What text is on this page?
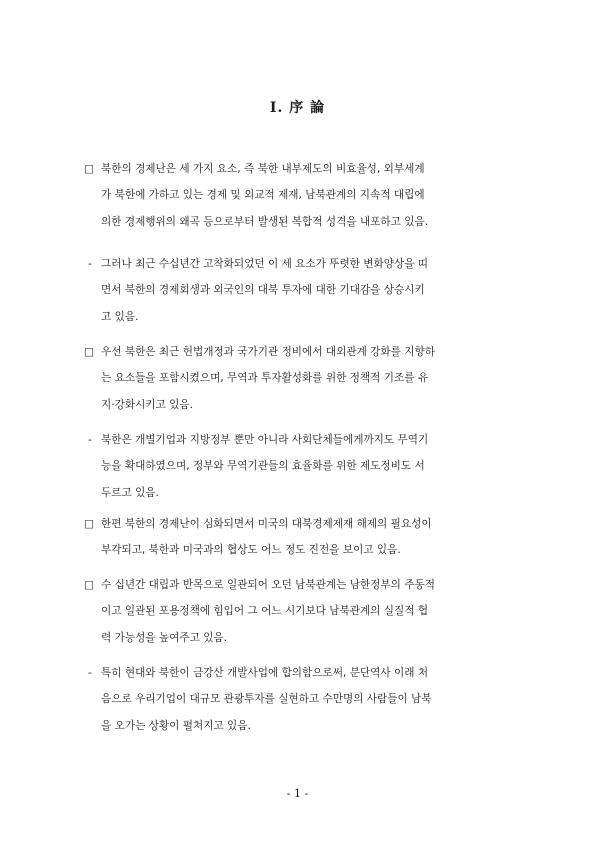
Ⅰ. 序 論
□ 북한의 경제난은 세 가지 요소, 즉 북한 내부제도의 비효율성, 외부세계
가 북한에 가하고 있는 경제 및 외교적 제재, 남북관계의 지속적 대립에
의한 경제행위의 왜곡 등으로부터 발생된 복합적 성격을 내포하고 있음.
- 그러나 최근 수십년간 고착화되었던 이 세 요소가 뚜렷한 변화양상을 띠
면서 북한의 경제회생과 외국인의 대북 투자에 대한 기대감을 상승시키
고 있음.
□ 우선 북한은 최근 헌법개정과 국가기관 정비에서 대외관계 강화를 지향하
는 요소들을 포함시켰으며, 무역과 투자활성화를 위한 정책적 기조를 유
지·강화시키고 있음.
- 북한은 개별기업과 지방정부 뿐만 아니라 사회단체들에게까지도 무역기
능을 확대하였으며, 정부와 무역기관들의 효율화를 위한 제도정비도 서
두르고 있음.
□ 한편 북한의 경제난이 심화되면서 미국의 대북경제제재 해제의 필요성이
부각되고, 북한과 미국과의 협상도 어느 정도 진전을 보이고 있음.
□ 수 십년간 대립과 반목으로 일관되어 오던 남북관계는 남한정부의 주동적
이고 일관된 포용정책에 힘입어 그 어느 시기보다 남북관계의 실질적 협
력 가능성을 높여주고 있음.
- 특히 현대와 북한이 금강산 개발사업에 합의함으로써, 분단역사 이래 처
음으로 우리기업이 대규모 관광투자를 실현하고 수만명의 사람들이 남북
을 오가는 상황이 펼쳐지고 있음.
- 1 -
